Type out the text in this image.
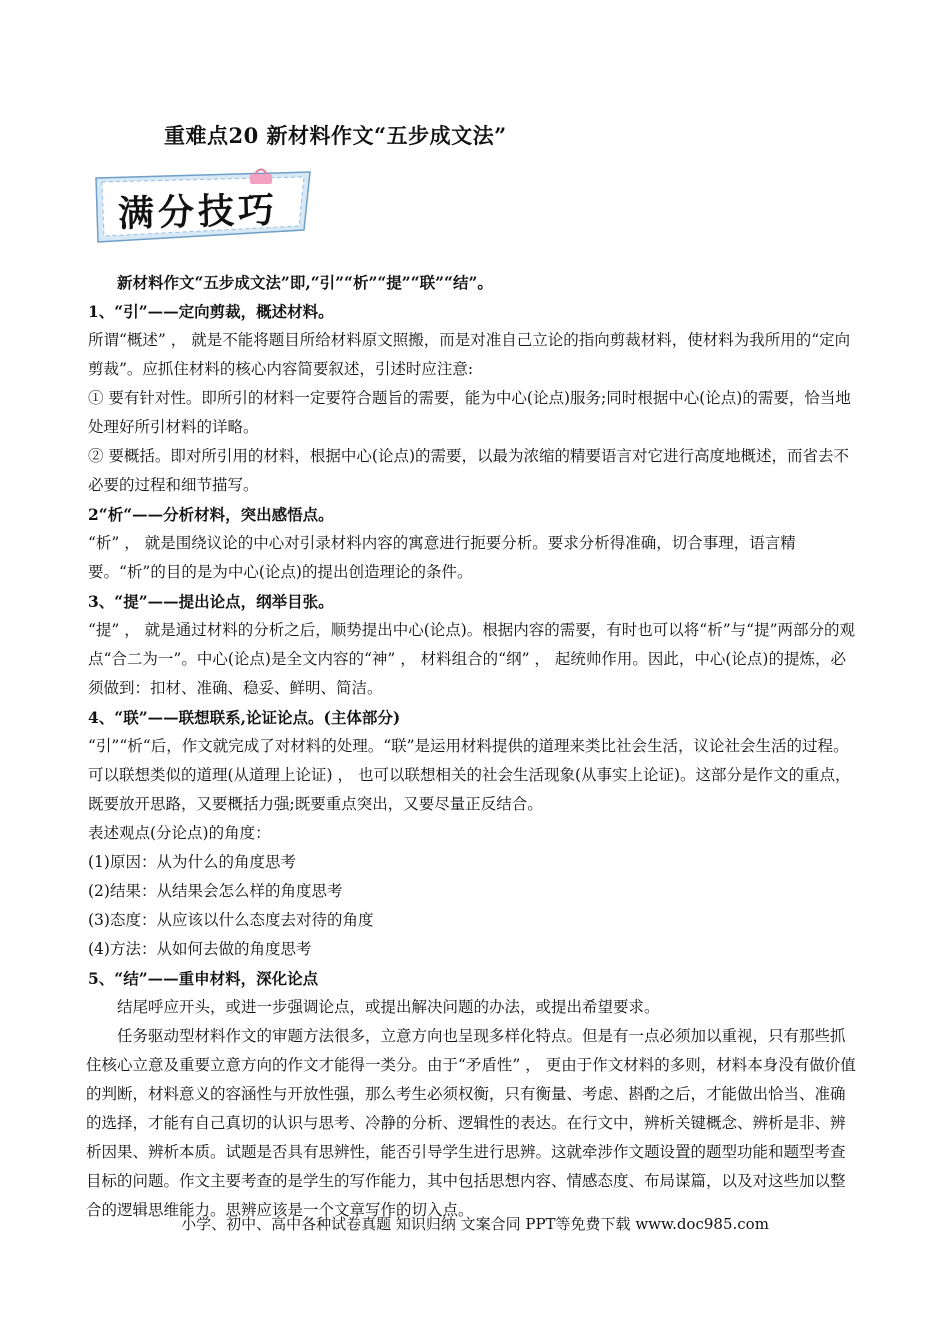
重难点20 新材料作文“五步成文法”
满分技巧

新材料作文“五步成文法”即,“引”“析”“提”“联”“结”。

1、“引”——定向剪裁，概述材料。

所谓“概述” ， 就是不能将题目所给材料原文照搬，而是对准自己立论的指向剪裁材料，使材料为我所用的“定向剪裁”。应抓住材料的核心内容简要叙述，引述时应注意:

① 要有针对性。即所引的材料一定要符合题旨的需要，能为中心(论点)服务;同时根据中心(论点)的需要，恰当地处理好所引材料的详略。

② 要概括。即对所引用的材料，根据中心(论点)的需要，以最为浓缩的精要语言对它进行高度地概述，而省去不必要的过程和细节描写。

2“析“——分析材料，突出感悟点。

“析” ， 就是围绕议论的中心对引录材料内容的寓意进行扼要分析。要求分析得准确，切合事理，语言精要。“析”的目的是为中心(论点)的提出创造理论的条件。

3、“提”——提出论点，纲举目张。

“提” ， 就是通过材料的分析之后，顺势提出中心(论点)。根据内容的需要，有时也可以将“析”与“提”两部分的观点“合二为一”。中心(论点)是全文内容的“神” ， 材料组合的“纲” ， 起统帅作用。因此，中心(论点)的提炼，必须做到：扣材、准确、稳妥、鲜明、简洁。

4、“联”——联想联系,论证论点。(主体部分)

“引”“析“后，作文就完成了对材料的处理。“联”是运用材料提供的道理来类比社会生活，议论社会生活的过程。可以联想类似的道理(从道理上论证) ， 也可以联想相关的社会生活现象(从事实上论证)。这部分是作文的重点，既要放开思路，又要概括力强;既要重点突出，又要尽量正反结合。

表述观点(分论点)的角度：

(1)原因：从为什么的角度思考

(2)结果：从结果会怎么样的角度思考

(3)态度：从应该以什么态度去对待的角度

(4)方法：从如何去做的角度思考

5、“结”——重申材料，深化论点

结尾呼应开头，或进一步强调论点，或提出解决问题的办法，或提出希望要求。

任务驱动型材料作文的审题方法很多，立意方向也呈现多样化特点。但是有一点必须加以重视，只有那些抓住核心立意及重要立意方向的作文才能得一类分。由于“矛盾性” ， 更由于作文材料的多则，材料本身没有做价值的判断，材料意义的容涵性与开放性强，那么考生必须权衡，只有衡量、考虑、斟酌之后，才能做出恰当、准确的选择，才能有自己真切的认识与思考、冷静的分析、逻辑性的表达。在行文中，辨析关键概念、辨析是非、辨析因果、辨析本质。试题是否具有思辨性，能否引导学生进行思辨。这就牵涉作文题设置的题型功能和题型考查目标的问题。作文主要考查的是学生的写作能力，其中包括思想内容、情感态度、布局谋篇，以及对这些加以整合的逻辑思维能力。思辨应该是一个文章写作的切入点。

小学、初中、高中各种试卷真题 知识归纳 文案合同 PPT等免费下载 www.doc985.com
